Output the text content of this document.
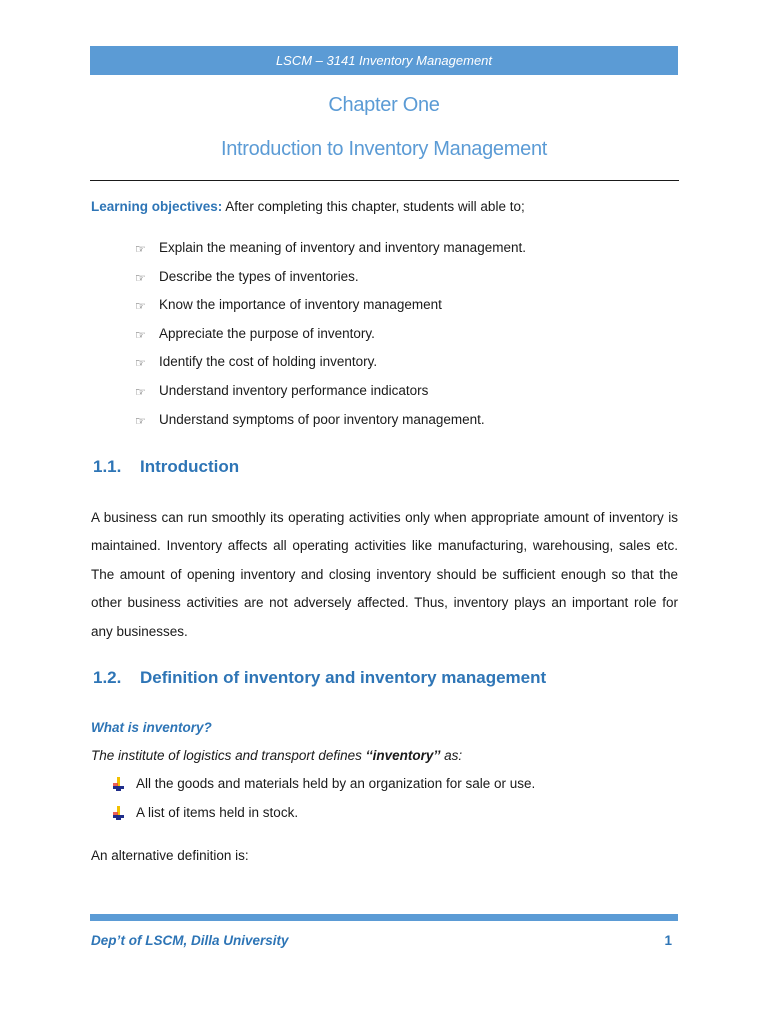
LSCM – 3141 Inventory Management
Chapter One
Introduction to Inventory Management
Learning objectives: After completing this chapter, students will able to;
☞ Explain the meaning of inventory and inventory management.
☞ Describe the types of inventories.
☞ Know the importance of inventory management
☞ Appreciate the purpose of inventory.
☞ Identify the cost of holding inventory.
☞ Understand inventory performance indicators
☞ Understand symptoms of poor inventory management.
1.1. Introduction

A business can run smoothly its operating activities only when appropriate amount of inventory is maintained. Inventory affects all operating activities like manufacturing, warehousing, sales etc. The amount of opening inventory and closing inventory should be sufficient enough so that the other business activities are not adversely affected. Thus, inventory plays an important role for any businesses.

1.2. Definition of inventory and inventory management
What is inventory?
The institute of logistics and transport defines ‘‘inventory’’ as:
All the goods and materials held by an organization for sale or use.
A list of items held in stock.
An alternative definition is:
Dep’t of LSCM, Dilla University	1
